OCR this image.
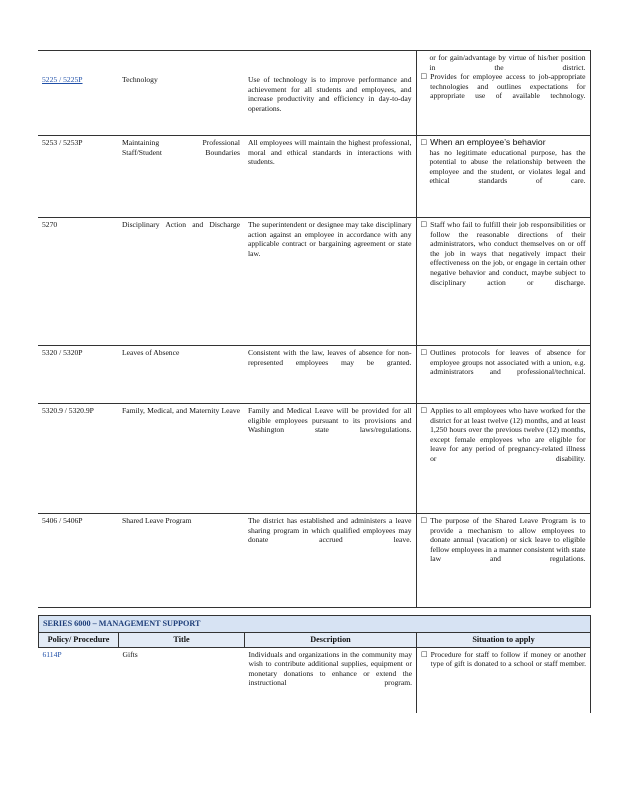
5225 / 5225P	Technology	Use of technology is to improve performance and achievement for all students and employees, and increase productivity and efficiency in day-to-day operations.	or for gain/advantage by virtue of his/her position in the district.
□ Provides for employee access to job-appropriate technologies and outlines expectations for appropriate use of available technology.

5253 / 5253P	Maintaining Professional Staff/Student Boundaries	All employees will maintain the highest professional, moral and ethical standards in interactions with students.	□ When an employee’s behavior
has no legitimate educational purpose, has the potential to abuse the relationship between the employee and the student, or violates legal and ethical standards of care.

5270	Disciplinary Action and Discharge	The superintendent or designee may take disciplinary action against an employee in accordance with any applicable contract or bargaining agreement or state law.	□ Staff who fail to fulfill their job responsibilities or follow the reasonable directions of their administrators, who conduct themselves on or off the job in ways that negatively impact their effectiveness on the job, or engage in certain other negative behavior and conduct, maybe subject to disciplinary action or discharge.

5320 / 5320P	Leaves of Absence	Consistent with the law, leaves of absence for non-represented employees may be granted.	□ Outlines protocols for leaves of absence for employee groups not associated with a union, e.g. administrators and professional/technical.

5320.9 / 5320.9P	Family, Medical, and Maternity Leave	Family and Medical Leave will be provided for all eligible employees pursuant to its provisions and Washington state laws/regulations.	□ Applies to all employees who have worked for the district for at least twelve (12) months, and at least 1,250 hours over the previous twelve (12) months, except female employees who are eligible for leave for any period of pregnancy-related illness or disability.

5406 / 5406P	Shared Leave Program	The district has established and administers a leave sharing program in which qualified employees may donate accrued leave.	□ The purpose of the Shared Leave Program is to provide a mechanism to allow employees to donate annual (vacation) or sick leave to eligible fellow employees in a manner consistent with state law and regulations.
SERIES 6000 – MANAGEMENT SUPPORT			
Policy/ Procedure	Title	Description	Situation to apply
6114P	Gifts	Individuals and organizations in the community may wish to contribute additional supplies, equipment or monetary donations to enhance or extend the instructional program.	□ Procedure for staff to follow if money or another type of gift is donated to a school or staff member.
